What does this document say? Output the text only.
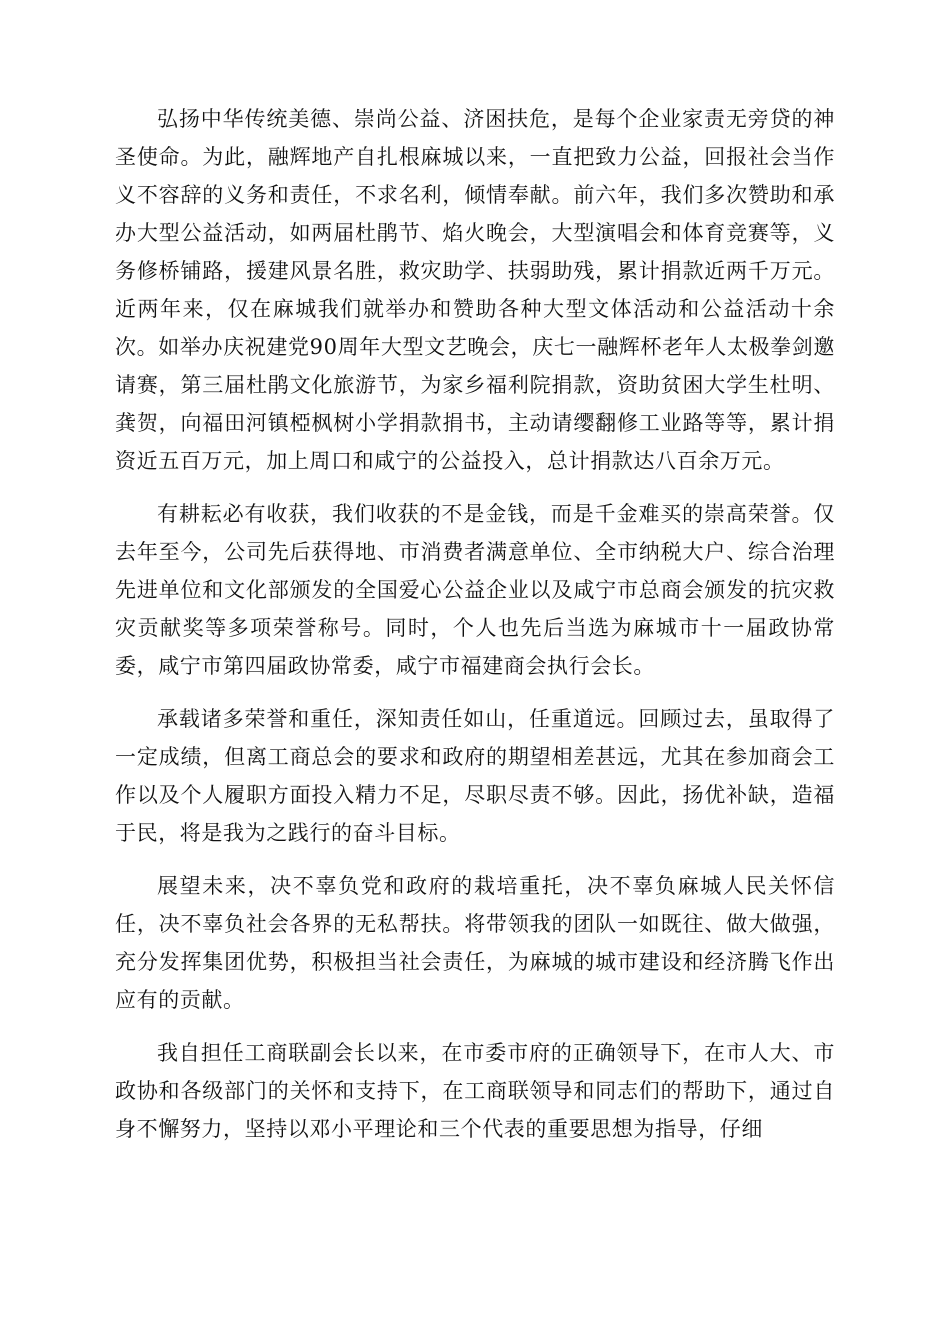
弘扬中华传统美德、崇尚公益、济困扶危，是每个企业家责无旁贷的神圣使命。为此，融辉地产自扎根麻城以来，一直把致力公益，回报社会当作义不容辞的义务和责任，不求名利，倾情奉献。前六年，我们多次赞助和承办大型公益活动，如两届杜鹃节、焰火晚会，大型演唱会和体育竞赛等，义务修桥铺路，援建风景名胜，救灾助学、扶弱助残，累计捐款近两千万元。近两年来，仅在麻城我们就举办和赞助各种大型文体活动和公益活动十余次。如举办庆祝建党90周年大型文艺晚会，庆七一融辉杯老年人太极拳剑邀请赛，第三届杜鹃文化旅游节，为家乡福利院捐款，资助贫困大学生杜明、龚贺，向福田河镇椏枫树小学捐款捐书，主动请缨翻修工业路等等，累计捐资近五百万元，加上周口和咸宁的公益投入，总计捐款达八百余万元。

有耕耘必有收获，我们收获的不是金钱，而是千金难买的崇高荣誉。仅去年至今，公司先后获得地、市消费者满意单位、全市纳税大户、综合治理先进单位和文化部颁发的全国爱心公益企业以及咸宁市总商会颁发的抗灾救灾贡献奖等多项荣誉称号。同时，个人也先后当选为麻城市十一届政协常委，咸宁市第四届政协常委，咸宁市福建商会执行会长。

承载诸多荣誉和重任，深知责任如山，任重道远。回顾过去，虽取得了一定成绩，但离工商总会的要求和政府的期望相差甚远，尤其在参加商会工作以及个人履职方面投入精力不足，尽职尽责不够。因此，扬优补缺，造福于民，将是我为之践行的奋斗目标。

展望未来，决不辜负党和政府的栽培重托，决不辜负麻城人民关怀信任，决不辜负社会各界的无私帮扶。将带领我的团队一如既往、做大做强，充分发挥集团优势，积极担当社会责任，为麻城的城市建设和经济腾飞作出应有的贡献。

我自担任工商联副会长以来，在市委市府的正确领导下，在市人大、市政协和各级部门的关怀和支持下，在工商联领导和同志们的帮助下，通过自身不懈努力，坚持以邓小平理论和三个代表的重要思想为指导，仔细
